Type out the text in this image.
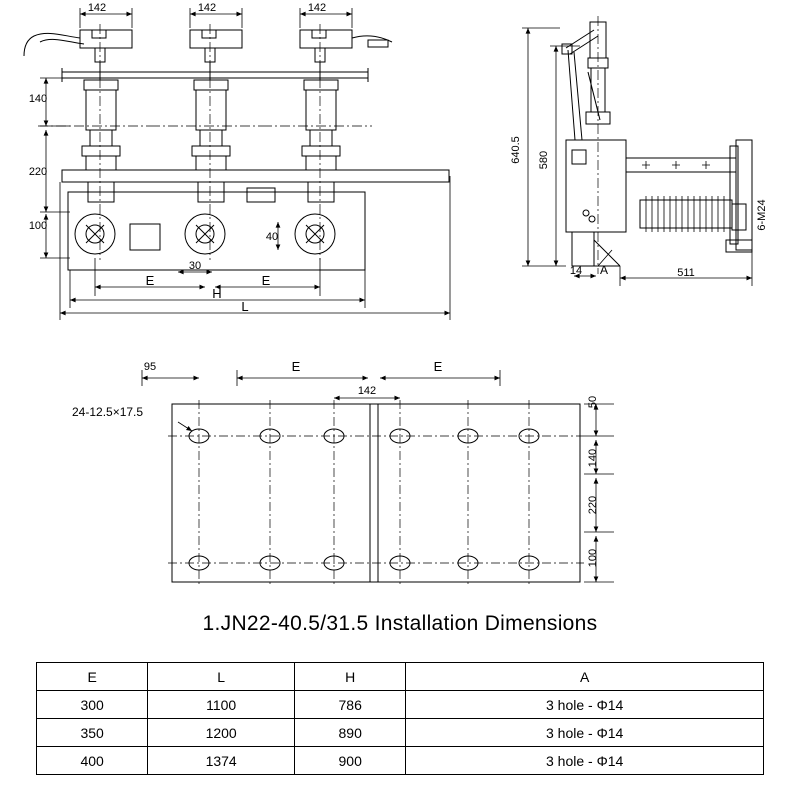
142	142	142
140
220
100
40
30
E	E
H
L
640.5 580
14 A	511
6-M24
95	E	E
142
50
140
220
100
24-12.5×17.5
1.JN22-40.5/31.5 Installation Dimensions
E	L	H	A
300	1100	786	3 hole - Φ14
350	1200	890	3 hole - Φ14
400	1374	900	3 hole - Φ14
